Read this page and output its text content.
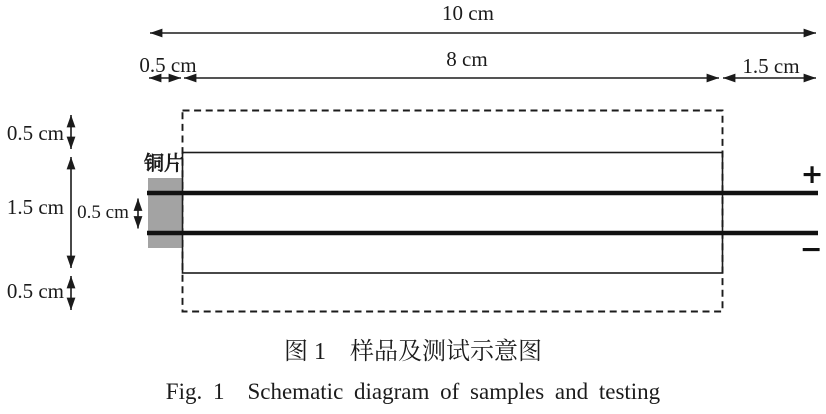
10 cm
0.5 cm	8 cm	1.5 cm
0.5 cm
1.5 cm
0.5 cm
0.5 cm
铜片	+
−
图 1　样品及测试示意图
Fig. 1　Schematic diagram of samples and testing
